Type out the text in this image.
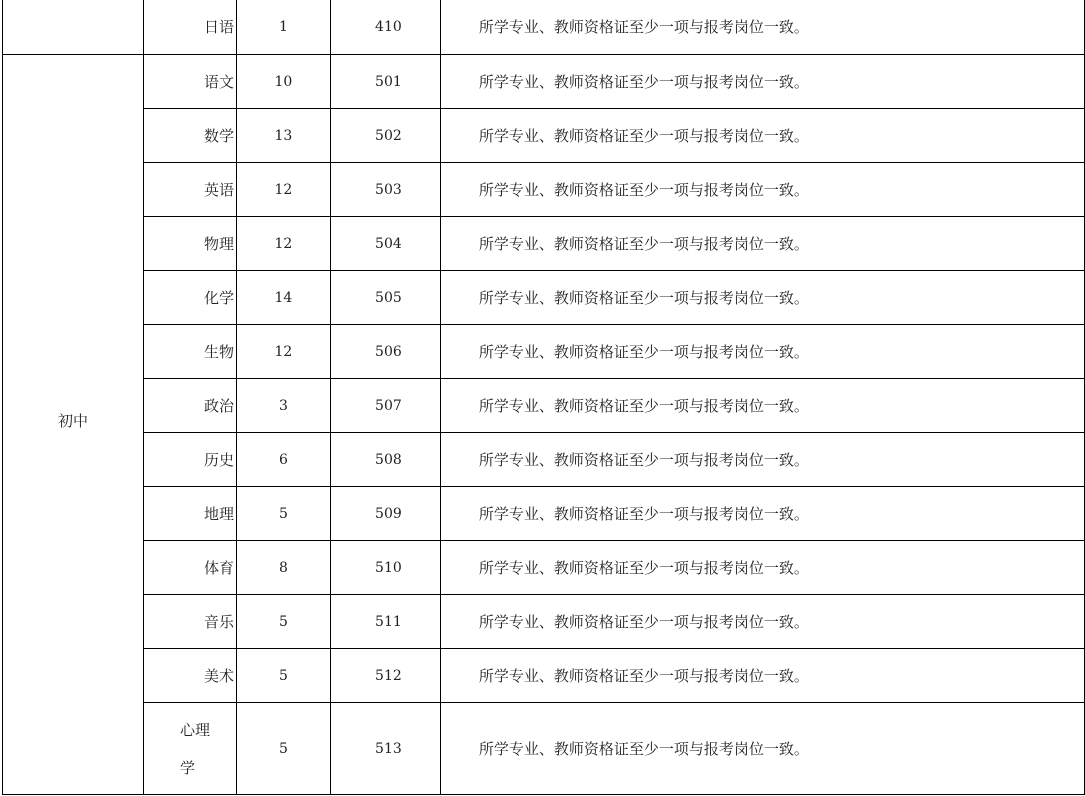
	日语	1	410	所学专业、教师资格证至少一项与报考岗位一致。
初中	语文	10	501	所学专业、教师资格证至少一项与报考岗位一致。

	数学	13	502	所学专业、教师资格证至少一项与报考岗位一致。

	英语	12	503	所学专业、教师资格证至少一项与报考岗位一致。

	物理	12	504	所学专业、教师资格证至少一项与报考岗位一致。

	化学	14	505	所学专业、教师资格证至少一项与报考岗位一致。

	生物	12	506	所学专业、教师资格证至少一项与报考岗位一致。

	政治	3	507	所学专业、教师资格证至少一项与报考岗位一致。

	历史	6	508	所学专业、教师资格证至少一项与报考岗位一致。

	地理	5	509	所学专业、教师资格证至少一项与报考岗位一致。

	体育	8	510	所学专业、教师资格证至少一项与报考岗位一致。

	音乐	5	511	所学专业、教师资格证至少一项与报考岗位一致。

	美术	5	512	所学专业、教师资格证至少一项与报考岗位一致。

	心理学	5	513	所学专业、教师资格证至少一项与报考岗位一致。
